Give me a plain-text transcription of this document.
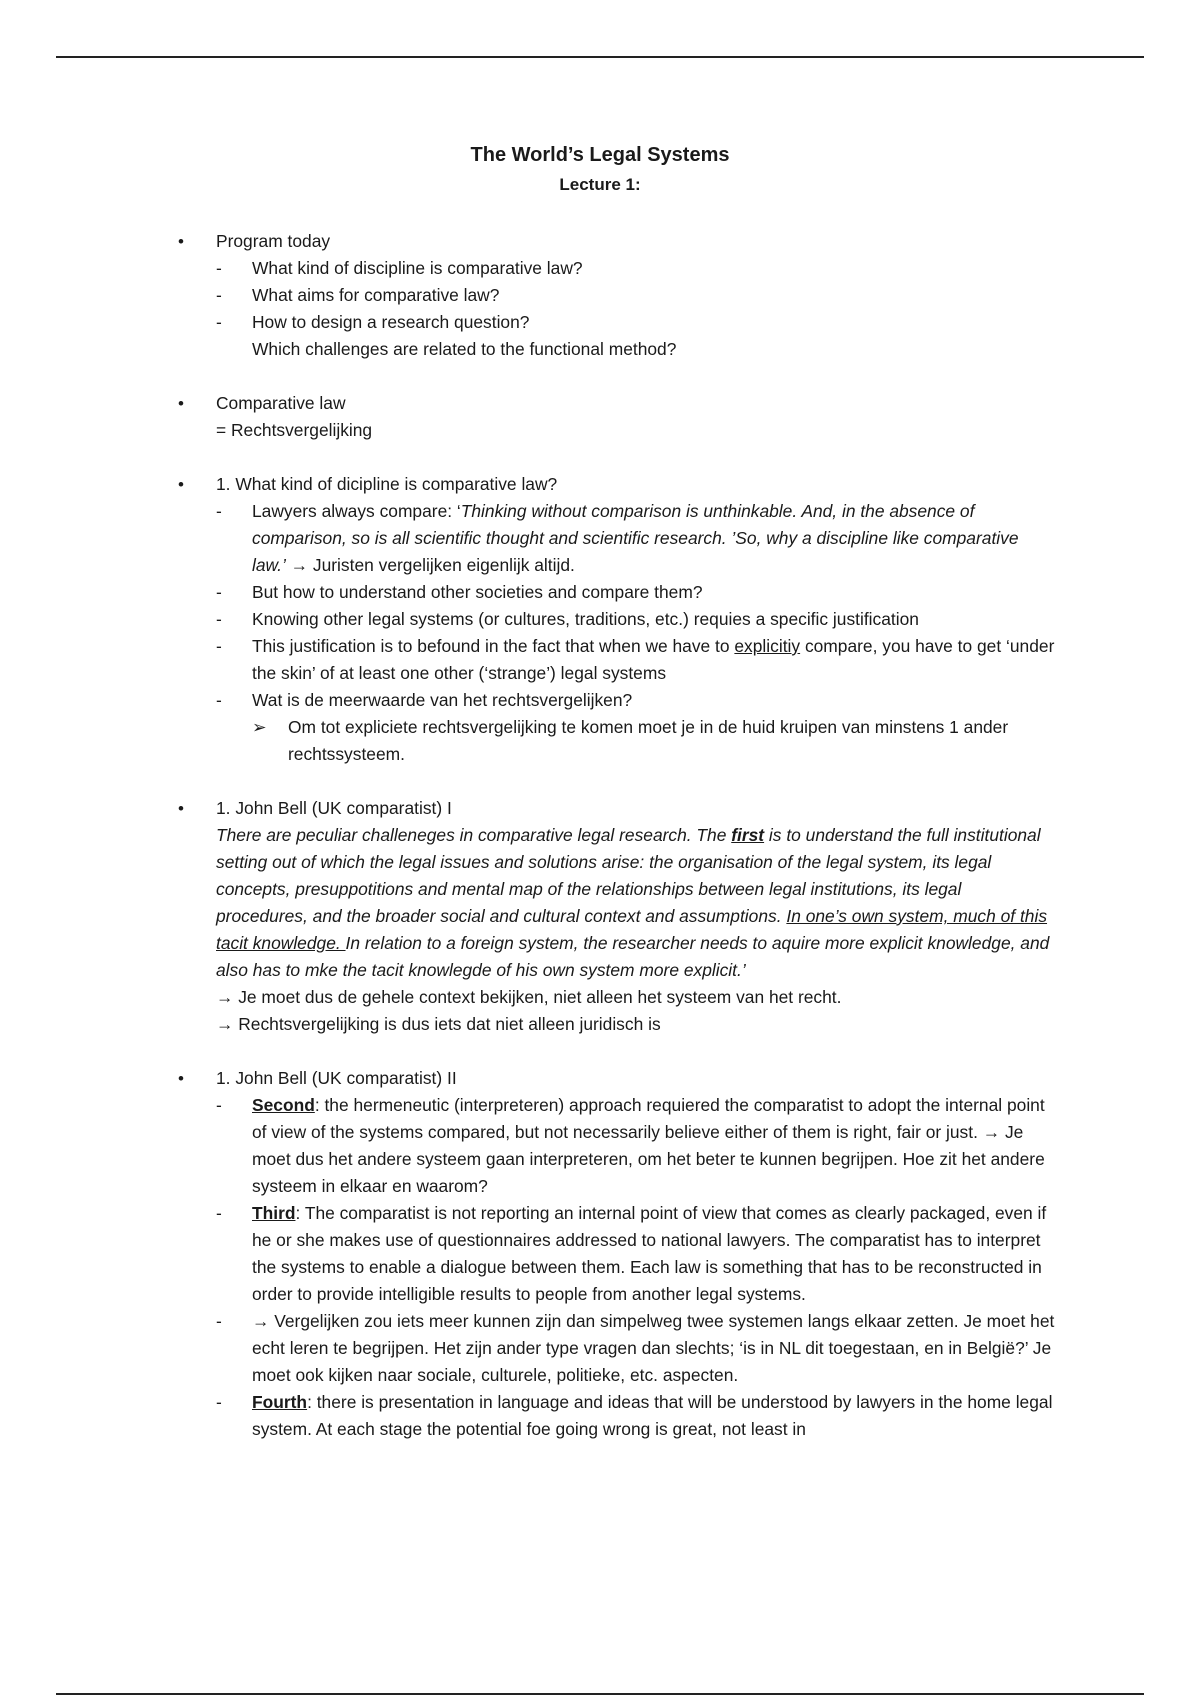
The World’s Legal Systems
Lecture 1:
• Program today
- What kind of discipline is comparative law?
- What aims for comparative law?
- How to design a research question?
Which challenges are related to the functional method?
• Comparative law
= Rechtsvergelijking
• 1. What kind of dicipline is comparative law?
- Lawyers always compare: ‘Thinking without comparison is unthinkable. And, in the absence of comparison, so is all scientific thought and scientific research. ’So, why a discipline like comparative law.’ → Juristen vergelijken eigenlijk altijd.
- But how to understand other societies and compare them?
- Knowing other legal systems (or cultures, traditions, etc.) requies a specific justification
- This justification is to befound in the fact that when we have to explicitiy compare, you have to get ‘under the skin’ of at least one other (‘strange’) legal systems
- Wat is de meerwaarde van het rechtsvergelijken?
➢ Om tot expliciete rechtsvergelijking te komen moet je in de huid kruipen van minstens 1 ander rechtssysteem.
• 1. John Bell (UK comparatist) I
There are peculiar challeneges in comparative legal research. The first is to understand the full institutional setting out of which the legal issues and solutions arise: the organisation of the legal system, its legal concepts, presuppotitions and mental map of the relationships between legal institutions, its legal procedures, and the broader social and cultural context and assumptions. In one’s own system, much of this tacit knowledge. In relation to a foreign system, the researcher needs to aquire more explicit knowledge, and also has to mke the tacit knowlegde of his own system more explicit.’
→ Je moet dus de gehele context bekijken, niet alleen het systeem van het recht.
→ Rechtsvergelijking is dus iets dat niet alleen juridisch is
• 1. John Bell (UK comparatist) II
- Second: the hermeneutic (interpreteren) approach requiered the comparatist to adopt the internal point of view of the systems compared, but not necessarily believe either of them is right, fair or just. → Je moet dus het andere systeem gaan interpreteren, om het beter te kunnen begrijpen. Hoe zit het andere systeem in elkaar en waarom?
- Third: The comparatist is not reporting an internal point of view that comes as clearly packaged, even if he or she makes use of questionnaires addressed to national lawyers. The comparatist has to interpret the systems to enable a dialogue between them. Each law is something that has to be reconstructed in order to provide intelligible results to people from another legal systems.
- → Vergelijken zou iets meer kunnen zijn dan simpelweg twee systemen langs elkaar zetten. Je moet het echt leren te begrijpen. Het zijn ander type vragen dan slechts; ‘is in NL dit toegestaan, en in België?’ Je moet ook kijken naar sociale, culturele, politieke, etc. aspecten.
- Fourth: there is presentation in language and ideas that will be understood by lawyers in the home legal system. At each stage the potential foe going wrong is great, not least in
